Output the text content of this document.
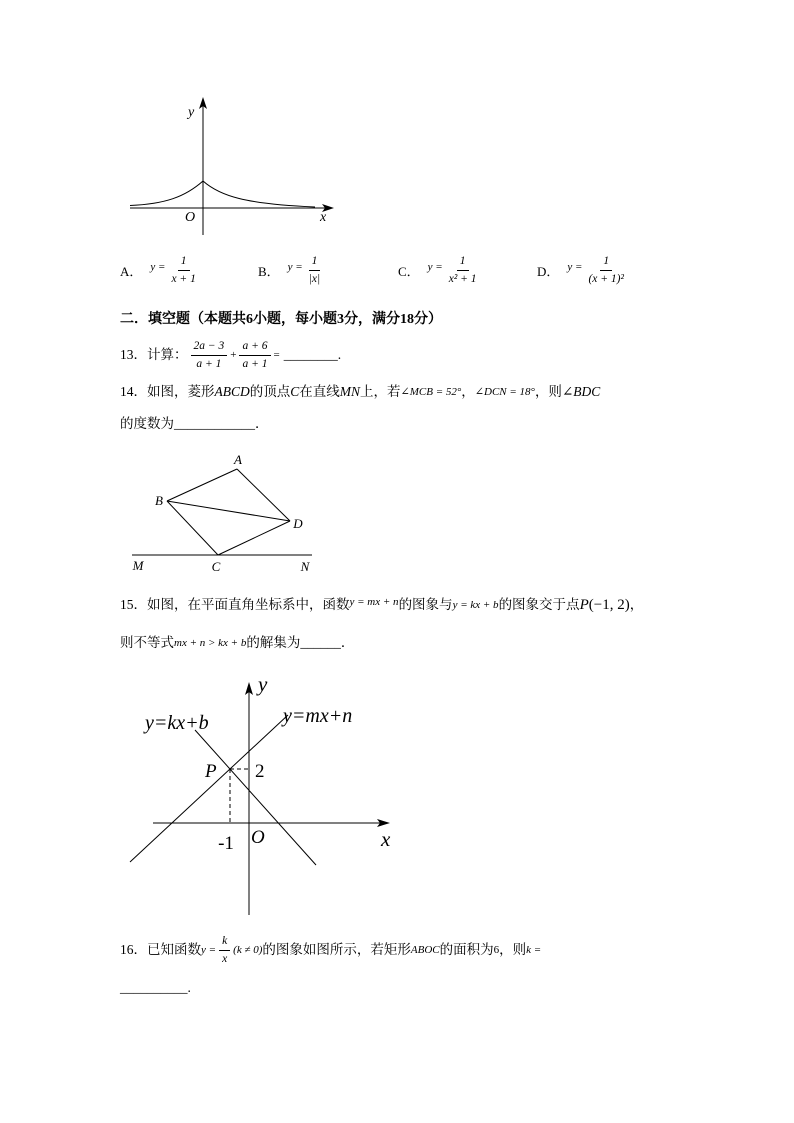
y
O	x
A． $y = \frac{1}{x + 1}$	B． $y = \frac{1}{|x|}$	C． $y = \frac{1}{\text{x² + 1}}$	D． $y = \frac{1}{\text{(x + 1)²}}$
二．填空题（本题共6小题，每小题3分，满分18分）
13． 计算： $\frac{2a - 3}{a + 1} + \frac{a + 6}{a + 1}$ = ________ .
14．如图，菱形 ABCD 的顶点 C 在直线 MN 上，若 ∠MCB = 52° ， ∠DCN = 18° ，则 ∠BDC
的度数为 ____________ ．
A
B
D
C
M	N
15．如图，在平面直角坐标系中，函数 y = mx + n 的图象与 y = kx + b 的图象交于点 P (−1, 2) ，
则不等式 mx + n > kx + b 的解集为 ______ ．
y
x
O
-1
2
P
y=kx+b	y=mx+n
16．已知函数 $y = \frac{k}{x} (k \ne 0)$ 的图象如图所示，若矩形 ABOC 的面积为 6 ，则 k =
__________ .
